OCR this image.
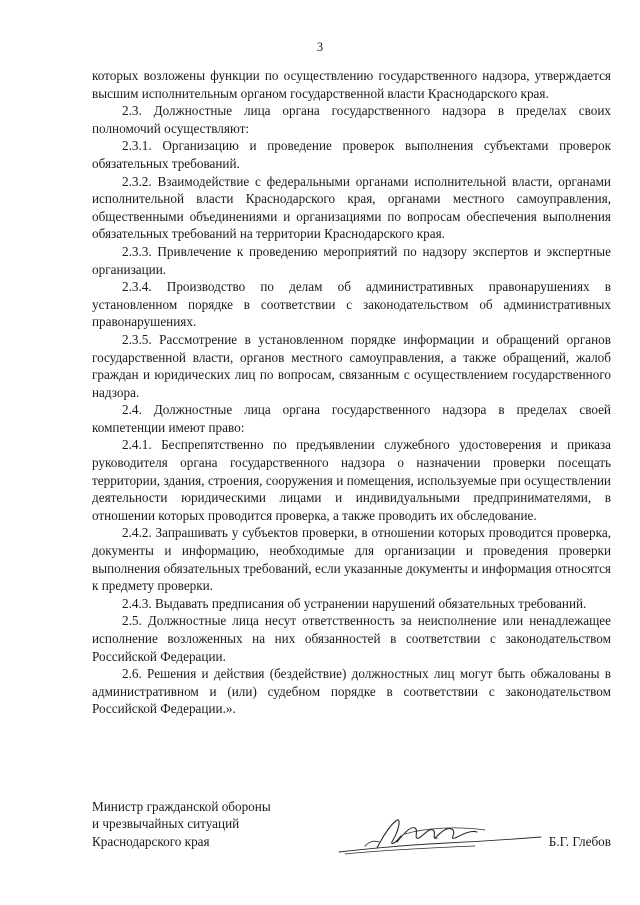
3

которых возложены функции по осуществлению государственного надзора, утверждается высшим исполнительным органом государственной власти Краснодарского края.

2.3. Должностные лица органа государственного надзора в пределах своих полномочий осуществляют:

2.3.1. Организацию и проведение проверок выполнения субъектами проверок обязательных требований.

2.3.2. Взаимодействие с федеральными органами исполнительной власти, органами исполнительной власти Краснодарского края, органами местного самоуправления, общественными объединениями и организациями по вопросам обеспечения выполнения обязательных требований на территории Краснодарского края.

2.3.3. Привлечение к проведению мероприятий по надзору экспертов и экспертные организации.

2.3.4. Производство по делам об административных правонарушениях в установленном порядке в соответствии с законодательством об административных правонарушениях.

2.3.5. Рассмотрение в установленном порядке информации и обращений органов государственной власти, органов местного самоуправления, а также обращений, жалоб граждан и юридических лиц по вопросам, связанным с осуществлением государственного надзора.

2.4. Должностные лица органа государственного надзора в пределах своей компетенции имеют право:

2.4.1. Беспрепятственно по предъявлении служебного удостоверения и приказа руководителя органа государственного надзора о назначении проверки посещать территории, здания, строения, сооружения и помещения, используемые при осуществлении деятельности юридическими лицами и индивидуальными предпринимателями, в отношении которых проводится проверка, а также проводить их обследование.

2.4.2. Запрашивать у субъектов проверки, в отношении которых проводится проверка, документы и информацию, необходимые для организации и проведения проверки выполнения обязательных требований, если указанные документы и информация относятся к предмету проверки.

2.4.3. Выдавать предписания об устранении нарушений обязательных требований.

2.5. Должностные лица несут ответственность за неисполнение или ненадлежащее исполнение возложенных на них обязанностей в соответствии с законодательством Российской Федерации.

2.6. Решения и действия (бездействие) должностных лиц могут быть обжалованы в административном и (или) судебном порядке в соответствии с законодательством Российской Федерации.».

Министр гражданской обороны
и чрезвычайных ситуаций
Краснодарского края	Б.Г. Глебов
